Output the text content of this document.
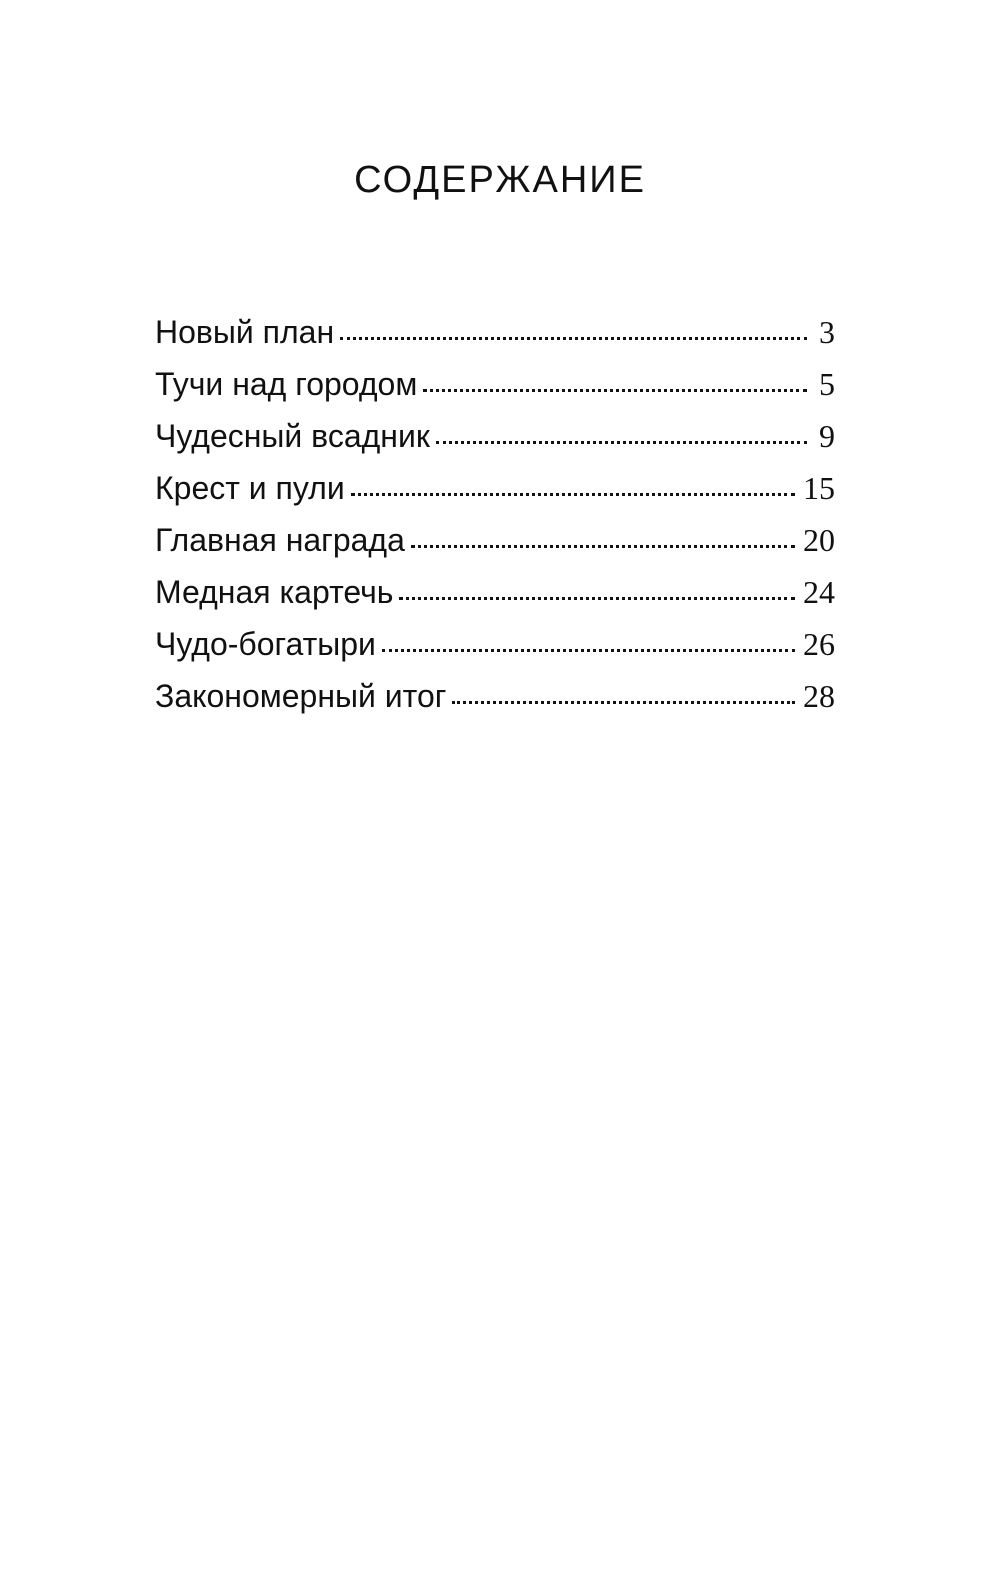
СОДЕРЖАНИЕ
Новый план	3
Тучи над городом	5
Чудесный всадник	9
Крест и пули	15
Главная награда	20
Медная картечь	24
Чудо-богатыри	26
Закономерный итог	28
